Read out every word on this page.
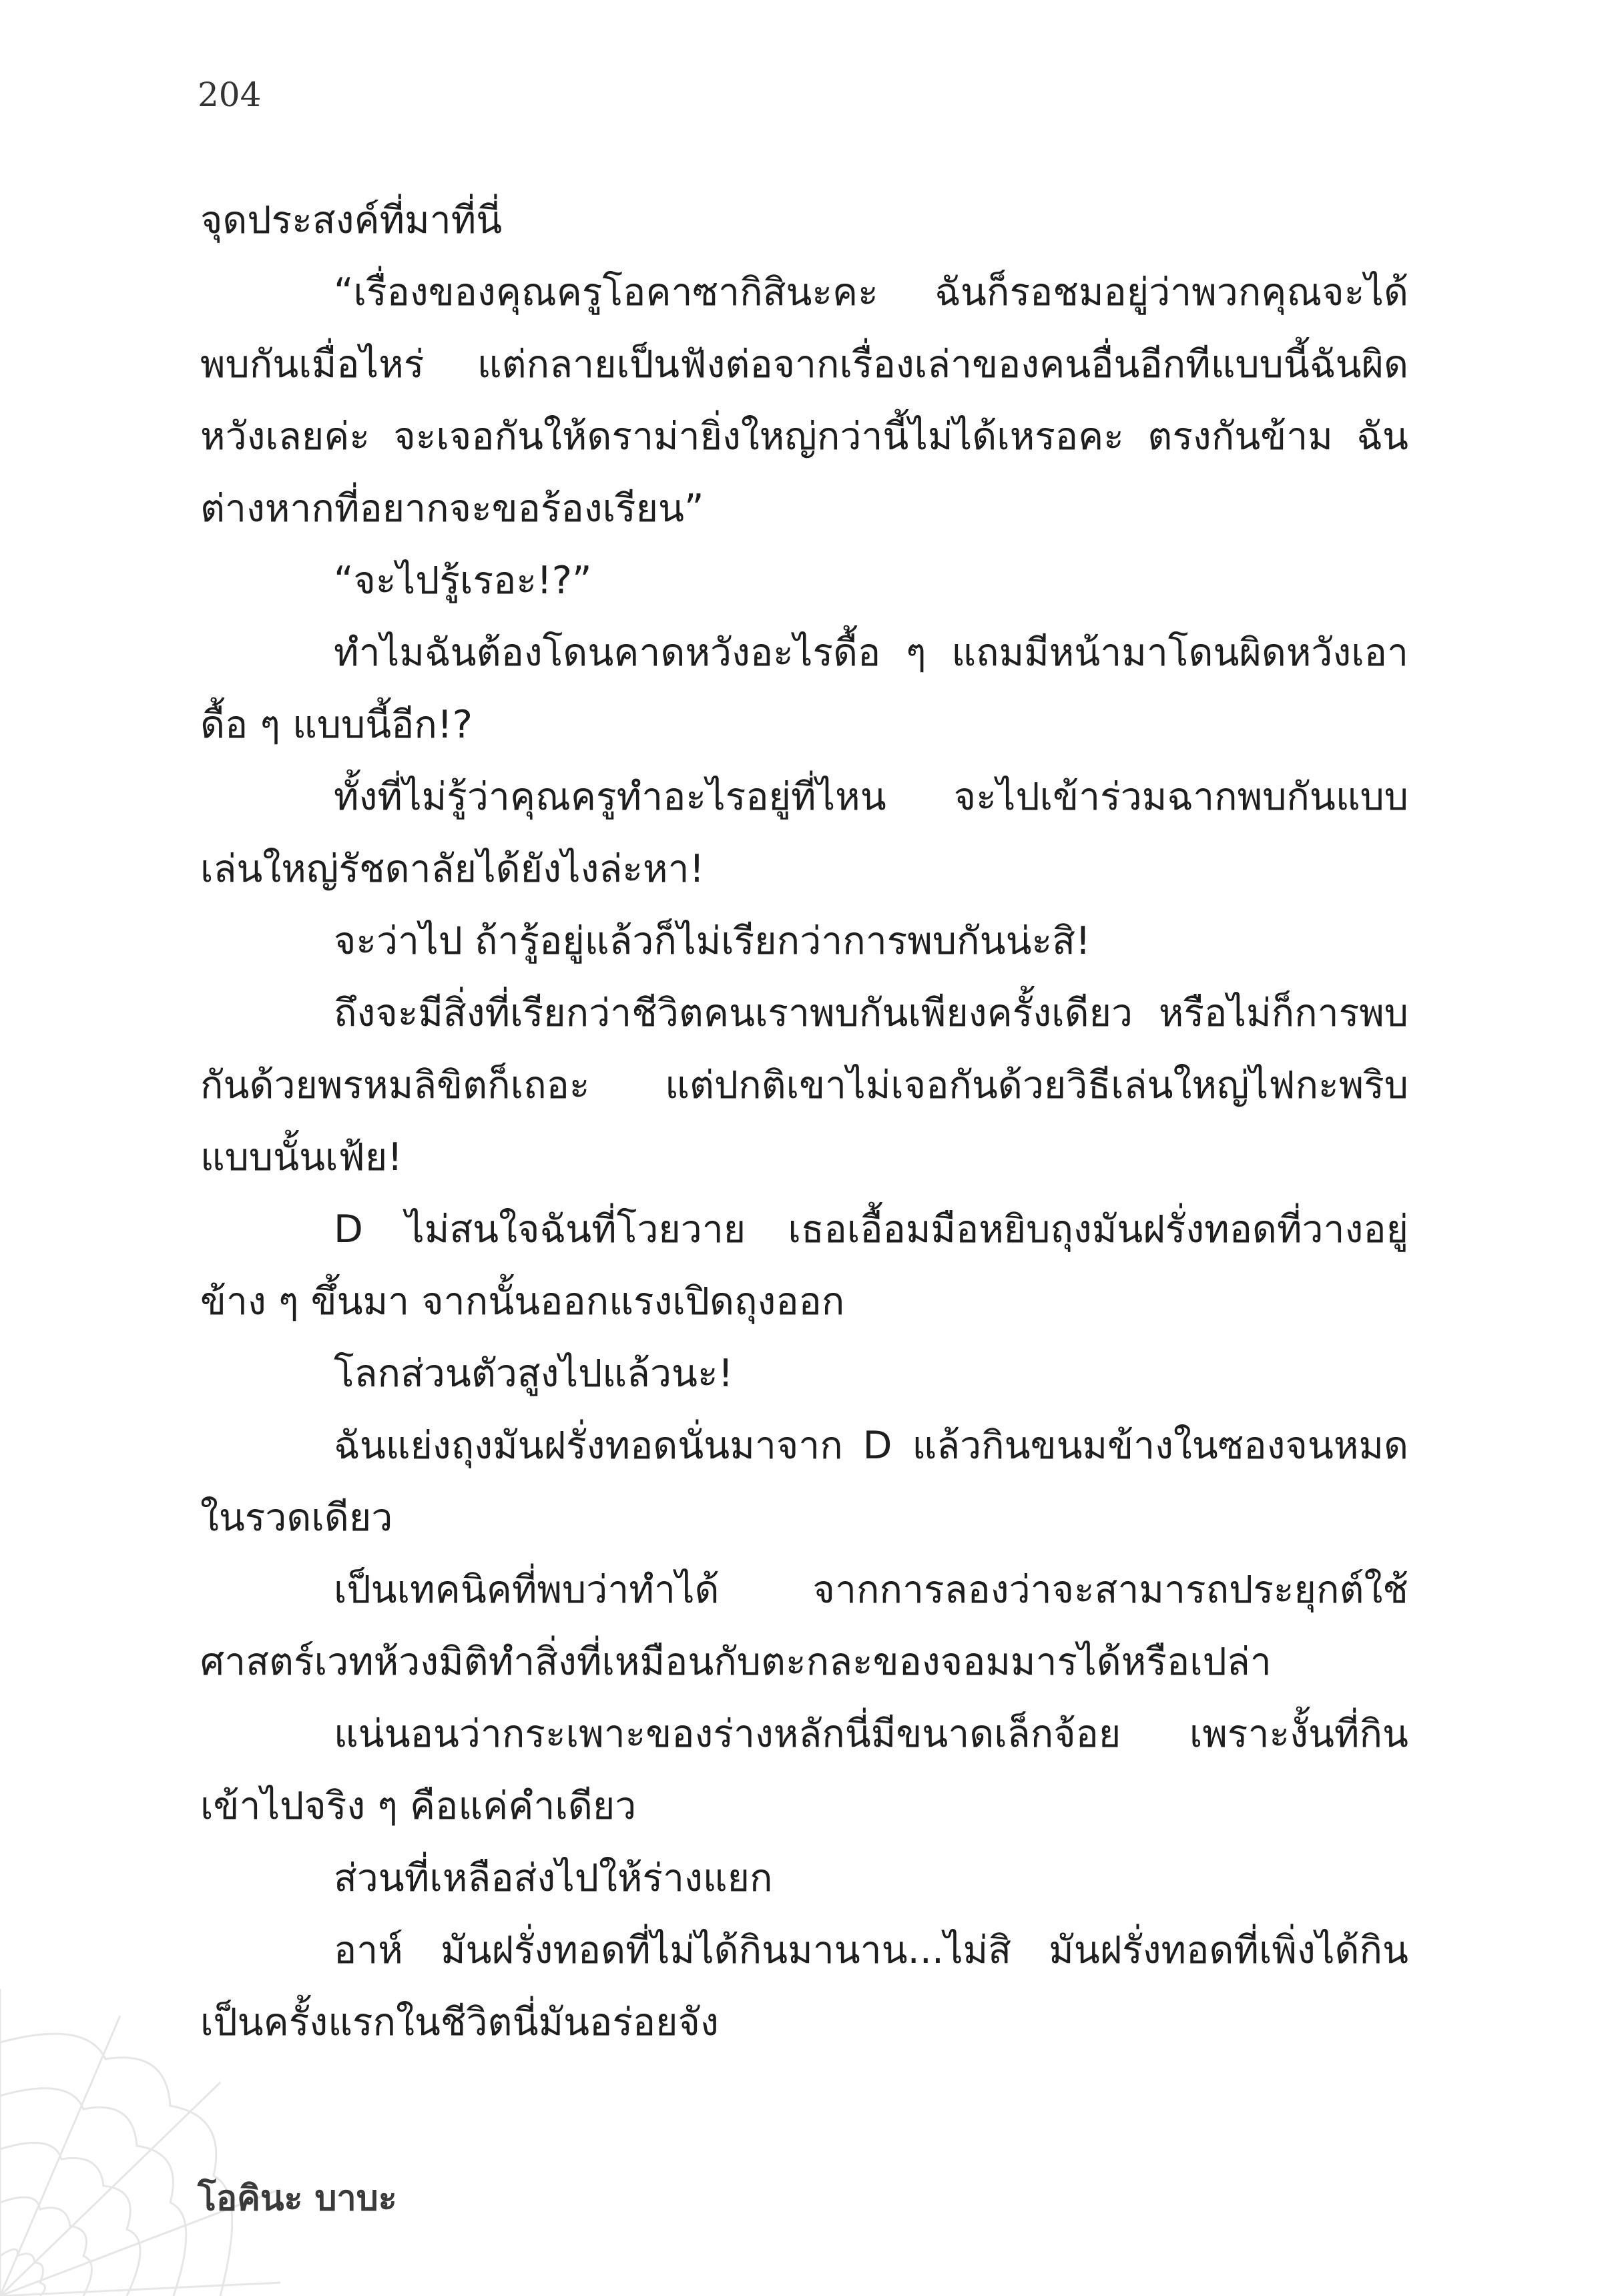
204

จุดประสงค์ที่มาที่นี่

“เรื่องของคุณครูโอคาซากิสินะคะ ฉันก็รอชมอยู่ว่าพวกคุณจะได้พบกันเมื่อไหร่ แต่กลายเป็นฟังต่อจากเรื่องเล่าของคนอื่นอีกทีแบบนี้ฉันผิดหวังเลยค่ะ จะเจอกันให้ดราม่ายิ่งใหญ่กว่านี้ไม่ได้เหรอคะ ตรงกันข้าม ฉันต่างหากที่อยากจะขอร้องเรียน”

“จะไปรู้เรอะ!?”

ทำไมฉันต้องโดนคาดหวังอะไรดื้อ ๆ แถมมีหน้ามาโดนผิดหวังเอาดื้อ ๆ แบบนี้อีก!?

ทั้งที่ไม่รู้ว่าคุณครูทำอะไรอยู่ที่ไหน จะไปเข้าร่วมฉากพบกันแบบเล่นใหญ่รัชดาลัยได้ยังไงล่ะหา!

จะว่าไป ถ้ารู้อยู่แล้วก็ไม่เรียกว่าการพบกันน่ะสิ!

ถึงจะมีสิ่งที่เรียกว่าชีวิตคนเราพบกันเพียงครั้งเดียว หรือไม่ก็การพบกันด้วยพรหมลิขิตก็เถอะ แต่ปกติเขาไม่เจอกันด้วยวิธีเล่นใหญ่ไฟกะพริบแบบนั้นเฟ้ย!

D ไม่สนใจฉันที่โวยวาย เธอเอื้อมมือหยิบถุงมันฝรั่งทอดที่วางอยู่ข้าง ๆ ขึ้นมา จากนั้นออกแรงเปิดถุงออก

โลกส่วนตัวสูงไปแล้วนะ!

ฉันแย่งถุงมันฝรั่งทอดนั่นมาจาก D แล้วกินขนมข้างในซองจนหมดในรวดเดียว

เป็นเทคนิคที่พบว่าทำได้ จากการลองว่าจะสามารถประยุกต์ใช้ศาสตร์เวทห้วงมิติทำสิ่งที่เหมือนกับตะกละของจอมมารได้หรือเปล่า

แน่นอนว่ากระเพาะของร่างหลักนี่มีขนาดเล็กจ้อย เพราะงั้นที่กินเข้าไปจริง ๆ คือแค่คำเดียว

ส่วนที่เหลือส่งไปให้ร่างแยก

อาห์ มันฝรั่งทอดที่ไม่ได้กินมานาน...ไม่สิ มันฝรั่งทอดที่เพิ่งได้กินเป็นครั้งแรกในชีวิตนี่มันอร่อยจัง

โอคินะ บาบะ
